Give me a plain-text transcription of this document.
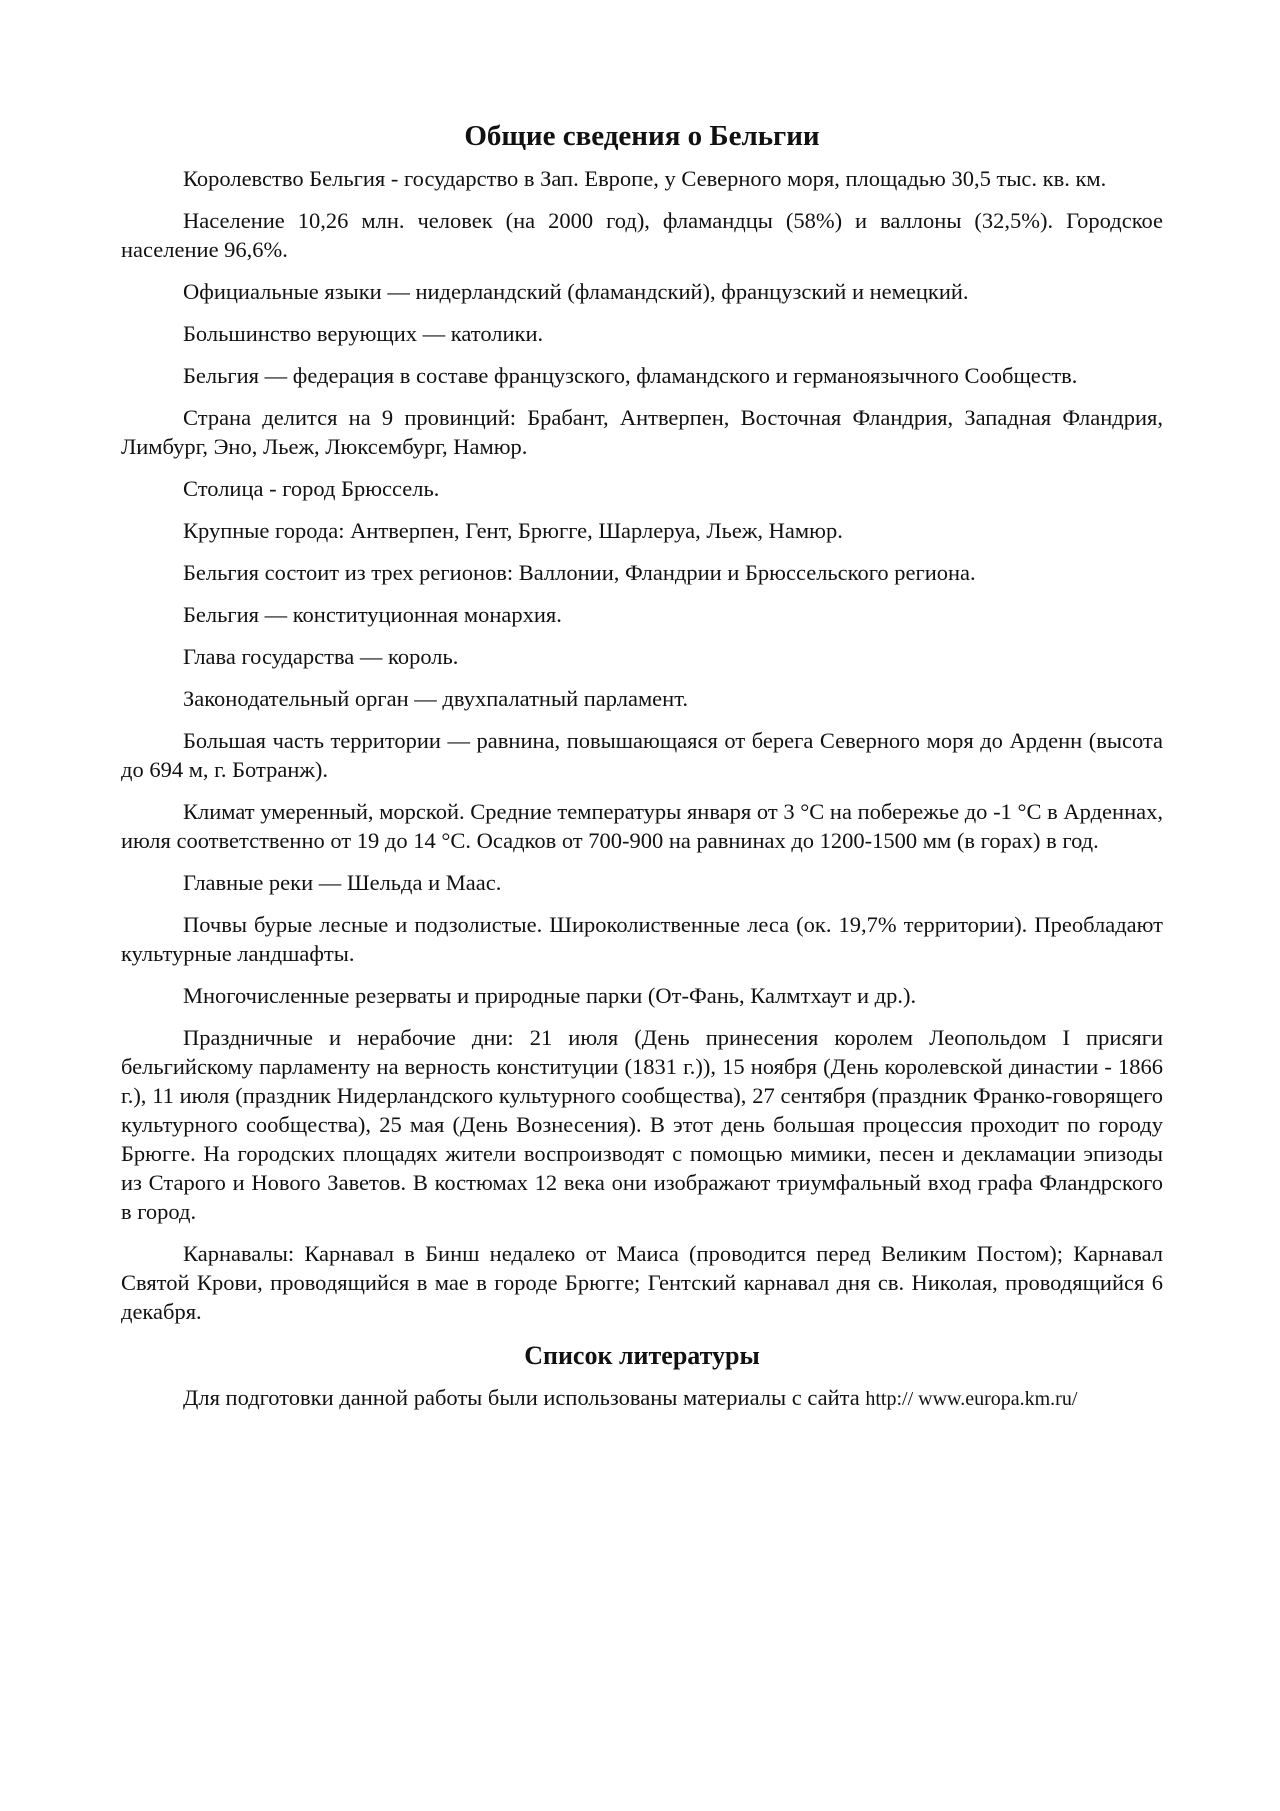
Общие сведения о Бельгии

Королевство Бельгия - государство в Зап. Европе, у Северного моря, площадью 30,5 тыс. кв. км.

Население 10,26 млн. человек (на 2000 год), фламандцы (58%) и валлоны (32,5%). Городское население 96,6%.

Официальные языки — нидерландский (фламандский), французский и немецкий.

Большинство верующих — католики.

Бельгия — федерация в составе французского, фламандского и германоязычного Сообществ.

Страна делится на 9 провинций: Брабант, Антверпен, Восточная Фландрия, Западная Фландрия, Лимбург, Эно, Льеж, Люксембург, Намюр.

Столица - город Брюссель.

Крупные города: Антверпен, Гент, Брюгге, Шарлеруа, Льеж, Намюр.

Бельгия состоит из трех регионов: Валлонии, Фландрии и Брюссельского региона.

Бельгия — конституционная монархия.

Глава государства — король.

Законодательный орган — двухпалатный парламент.

Большая часть территории — равнина, повышающаяся от берега Северного моря до Арденн (высота до 694 м, г. Ботранж).

Климат умеренный, морской. Средние температуры января от 3 °С на побережье до -1 °С в Арденнах, июля соответственно от 19 до 14 °С. Осадков от 700-900 на равнинах до 1200-1500 мм (в горах) в год.

Главные реки — Шельда и Маас.

Почвы бурые лесные и подзолистые. Широколиственные леса (ок. 19,7% территории). Преобладают культурные ландшафты.

Многочисленные резерваты и природные парки (От-Фань, Калмтхаут и др.).

Праздничные и нерабочие дни: 21 июля (День принесения королем Леопольдом I присяги бельгийскому парламенту на верность конституции (1831 г.)), 15 ноября (День королевской династии - 1866 г.), 11 июля (праздник Нидерландского культурного сообщества), 27 сентября (праздник Франко-говорящего культурного сообщества), 25 мая (День Вознесения). В этот день большая процессия проходит по городу Брюгге. На городских площадях жители воспроизводят с помощью мимики, песен и декламации эпизоды из Старого и Нового Заветов. В костюмах 12 века они изображают триумфальный вход графа Фландрского в город.

Карнавалы: Карнавал в Бинш недалеко от Маиса (проводится перед Великим Постом); Карнавал Святой Крови, проводящийся в мае в городе Брюгге; Гентский карнавал дня св. Николая, проводящийся 6 декабря.

Список литературы

Для подготовки данной работы были использованы материалы с сайта http:// www.europa.km.ru/
